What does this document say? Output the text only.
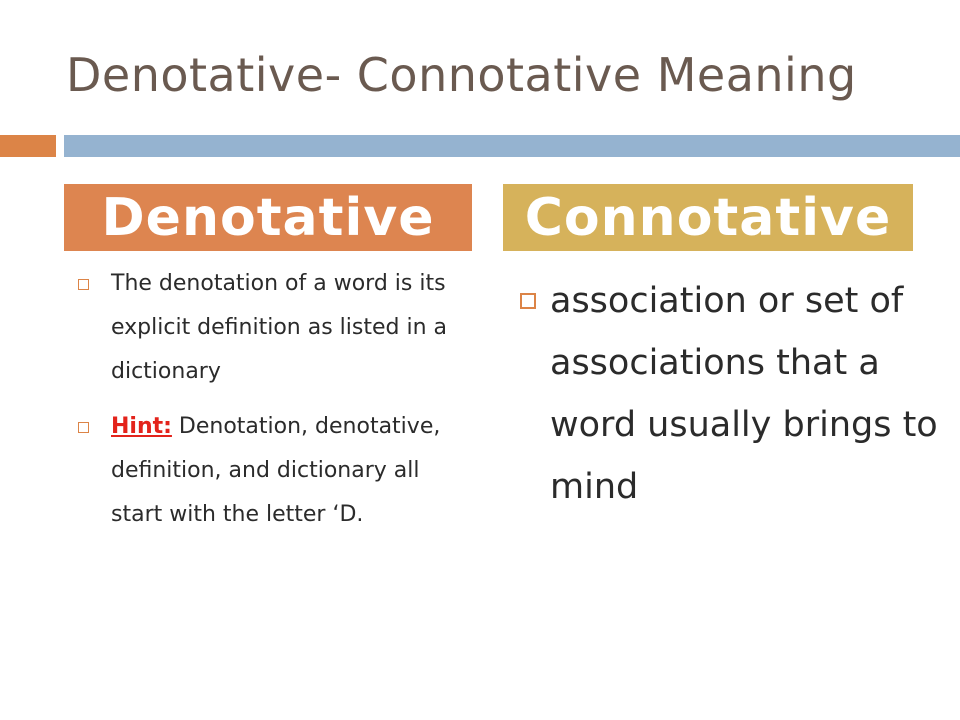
Denotative- Connotative Meaning
Denotative	Connotative
The denotation of a word is its explicit definition as listed in a dictionary
Hint: Denotation, denotative, definition, and dictionary all start with the letter ‘D.
association or set of associations that a word usually brings to mind
